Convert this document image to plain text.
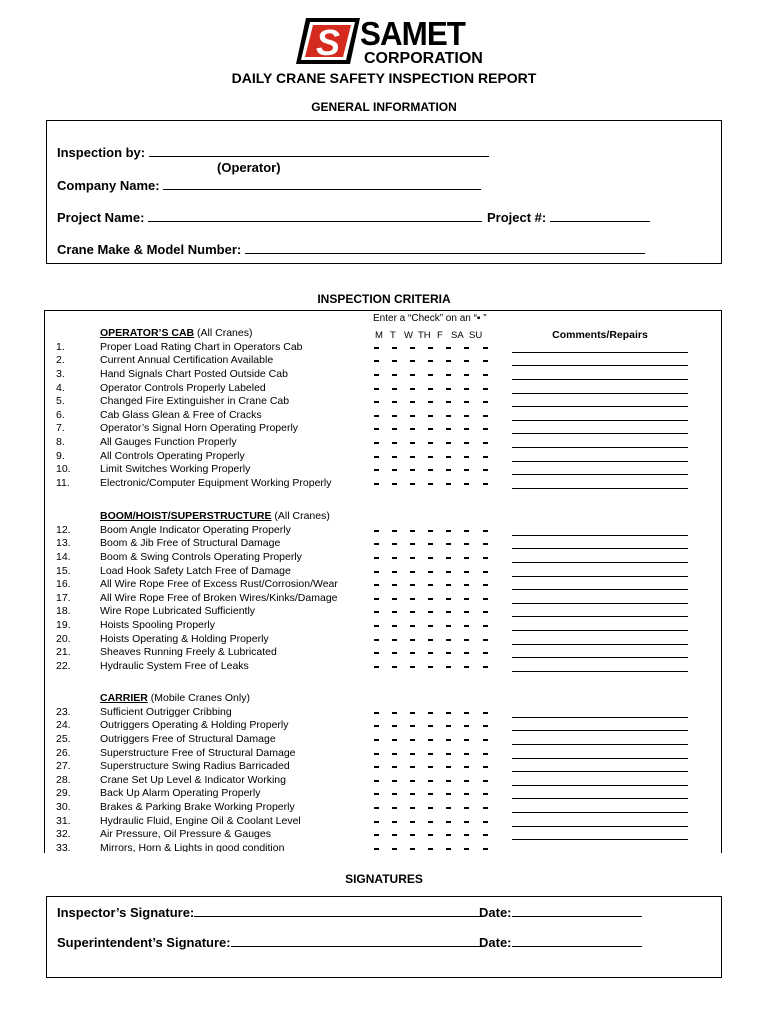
S SAMET
CORPORATION
DAILY CRANE SAFETY INSPECTION REPORT
GENERAL INFORMATION
Inspection by:
(Operator)
Company Name:
Project Name:	Project #:
Crane Make & Model Number:
INSPECTION CRITERIA
Enter a “Check” on an “▪ ”
M T W TH F SA SU	Comments/Repairs
OPERATOR’S CAB (All Cranes)
1.	Proper Load Rating Chart in Operators Cab
2.	Current Annual Certification Available
3.	Hand Signals Chart Posted Outside Cab
4.	Operator Controls Properly Labeled
5.	Changed Fire Extinguisher in Crane Cab
6.	Cab Glass Glean & Free of Cracks
7.	Operator’s Signal Horn Operating Properly
8.	All Gauges Function Properly
9.	All Controls Operating Properly
10.	Limit Switches Working Properly
11.	Electronic/Computer Equipment Working Properly
BOOM/HOIST/SUPERSTRUCTURE (All Cranes)
12.	Boom Angle Indicator Operating Properly
13.	Boom & Jib Free of Structural Damage
14.	Boom & Swing Controls Operating Properly
15.	Load Hook Safety Latch Free of Damage
16.	All Wire Rope Free of Excess Rust/Corrosion/Wear
17.	All Wire Rope Free of Broken Wires/Kinks/Damage
18.	Wire Rope Lubricated Sufficiently
19.	Hoists Spooling Properly
20.	Hoists Operating & Holding Properly
21.	Sheaves Running Freely & Lubricated
22.	Hydraulic System Free of Leaks
CARRIER (Mobile Cranes Only)
23.	Sufficient Outrigger Cribbing
24.	Outriggers Operating & Holding Properly
25.	Outriggers Free of Structural Damage
26.	Superstructure Free of Structural Damage
27.	Superstructure Swing Radius Barricaded
28.	Crane Set Up Level & Indicator Working
29.	Back Up Alarm Operating Properly
30.	Brakes & Parking Brake Working Properly
31.	Hydraulic Fluid, Engine Oil & Coolant Level
32.	Air Pressure, Oil Pressure & Gauges
33.	Mirrors, Horn & Lights in good condition
SIGNATURES
Inspector’s Signature:	Date:
Superintendent’s Signature:	Date:
